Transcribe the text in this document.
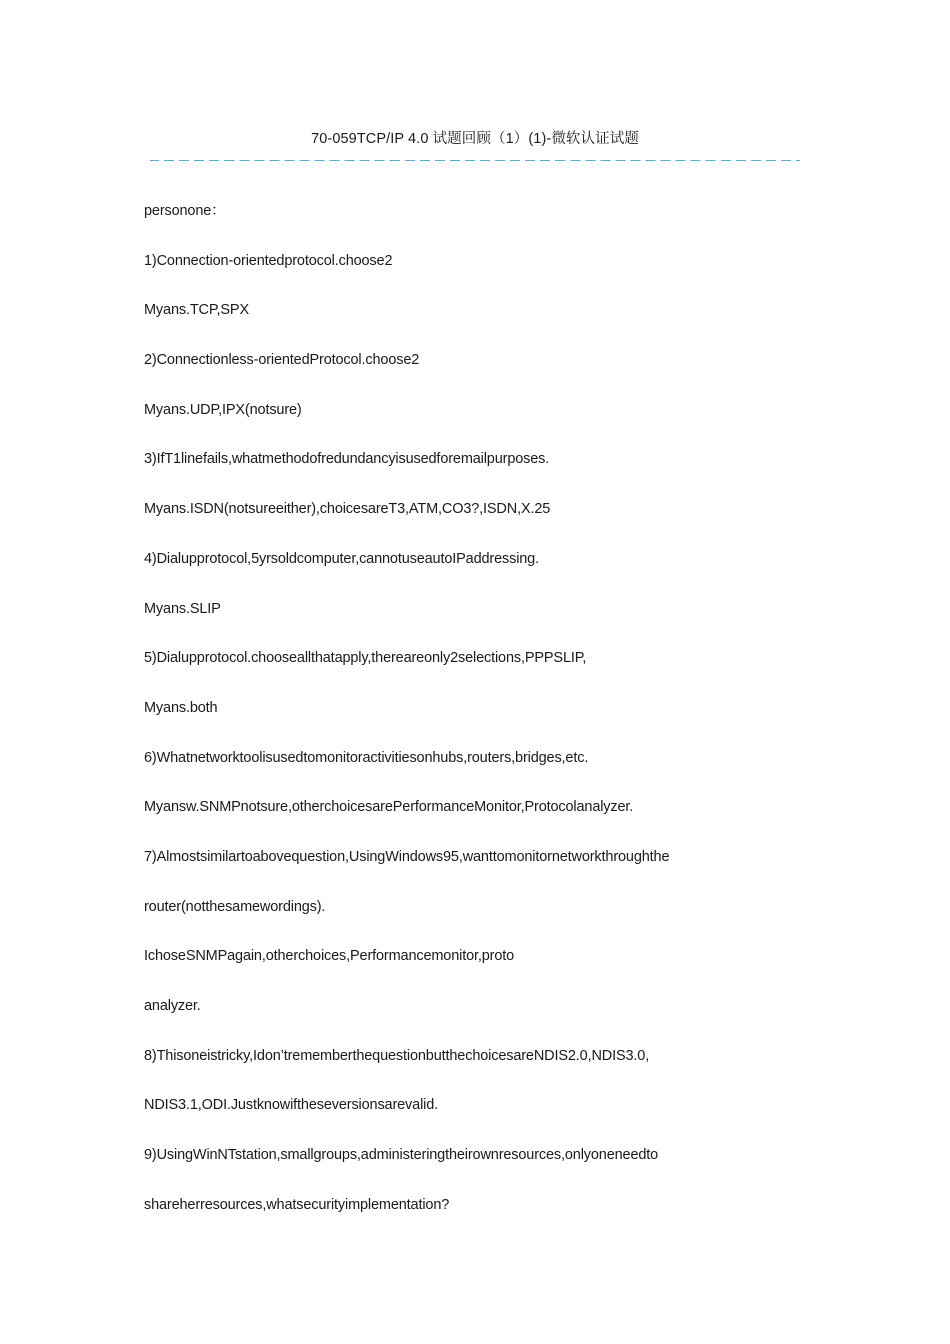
70-059TCP/IP 4.0 试题回顾（1）(1)-微软认证试题
personone：
1)Connection-orientedprotocol.choose2
Myans.TCP,SPX
2)Connectionless-orientedProtocol.choose2
Myans.UDP,IPX(notsure)
3)IfT1linefails,whatmethodofredundancyisusedforemailpurposes.
Myans.ISDN(notsureeither),choicesareT3,ATM,CO3?,ISDN,X.25
4)Dialupprotocol,5yrsoldcomputer,cannotuseautoIPaddressing.
Myans.SLIP
5)Dialupprotocol.chooseallthatapply,thereareonly2selections,PPPSLIP,
Myans.both
6)Whatnetworktoolisusedtomonitoractivitiesonhubs,routers,bridges,etc.
Myansw.SNMPnotsure,otherchoicesarePerformanceMonitor,Protocolanalyzer.
7)Almostsimilartoabovequestion,UsingWindows95,wanttomonitornetworkthroughthe
router(notthesamewordings).
IchoseSNMPagain,otherchoices,Performancemonitor,proto
analyzer.
8)Thisoneistricky,Idon’trememberthequestionbutthechoicesareNDIS2.0,NDIS3.0,
NDIS3.1,ODI.Justknowiftheseversionsarevalid.
9)UsingWinNTstation,smallgroups,administeringtheirownresources,onlyoneneedto
shareherresources,whatsecurityimplementation?
